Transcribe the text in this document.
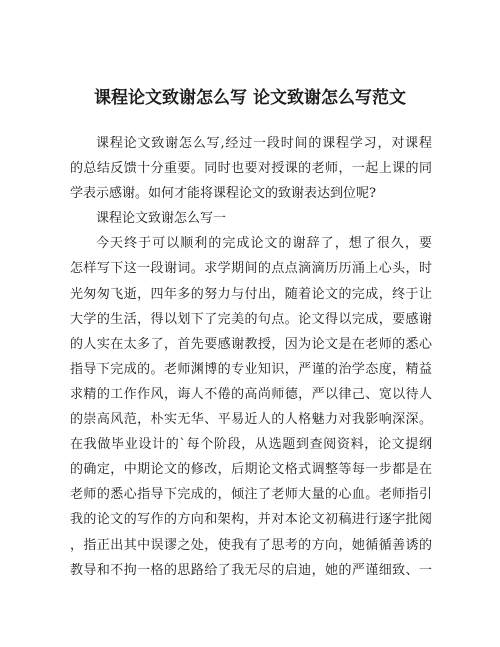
课程论文致谢怎么写 论文致谢怎么写范文

课程论文致谢怎么写,经过一段时间的课程学习，对课程
的总结反馈十分重要。同时也要对授课的老师，一起上课的同
学表示感谢。如何才能将课程论文的致谢表达到位呢?

课程论文致谢怎么写一

今天终于可以顺利的完成论文的谢辞了，想了很久，要
怎样写下这一段谢词。求学期间的点点滴滴历历涌上心头，时
光匆匆飞逝，四年多的努力与付出，随着论文的完成，终于让
大学的生活，得以划下了完美的句点。论文得以完成，要感谢
的人实在太多了，首先要感谢教授，因为论文是在老师的悉心
指导下完成的。老师渊博的专业知识，严谨的治学态度，精益
求精的工作作风，诲人不倦的高尚师德，严以律己、宽以待人
的崇高风范，朴实无华、平易近人的人格魅力对我影响深深。
在我做毕业设计的`每个阶段，从选题到查阅资料，论文提纲
的确定，中期论文的修改，后期论文格式调整等每一步都是在
老师的悉心指导下完成的，倾注了老师大量的心血。老师指引
我的论文的写作的方向和架构，并对本论文初稿进行逐字批阅
，指正出其中误谬之处，使我有了思考的方向，她循循善诱的
教导和不拘一格的思路给了我无尽的启迪，她的严谨细致、一
